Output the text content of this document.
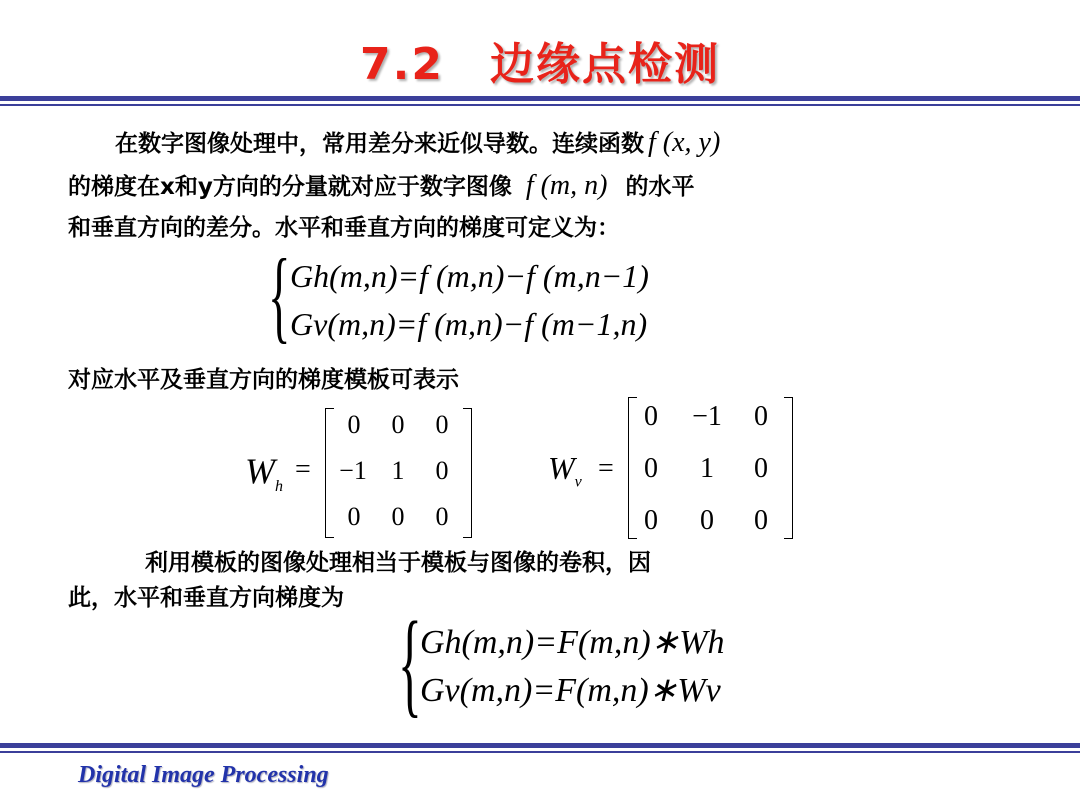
7.2　边缘点检测
在数字图像处理中，常用差分来近似导数。连续函数 f (x, y)
的梯度在x和y方向的分量就对应于数字图像 f (m, n) 的水平
和垂直方向的差分。水平和垂直方向的梯度可定义为：
{ Gh(m,n)=f (m,n)−f (m,n−1)
Gv(m,n)=f (m,n)−f (m−1,n)
对应水平及垂直方向的梯度模板可表示
$W_h$
=
0	0	0
−1 1	0
0	0	0
$W_v$ =
0	−1	0
0 1 0
0 0 0
利用模板的图像处理相当于模板与图像的卷积，因
此，水平和垂直方向梯度为 {
Gh(m,n)=F(m,n)∗Wh
Gv(m,n)=F(m,n)∗Wv
Digital Image Processing
